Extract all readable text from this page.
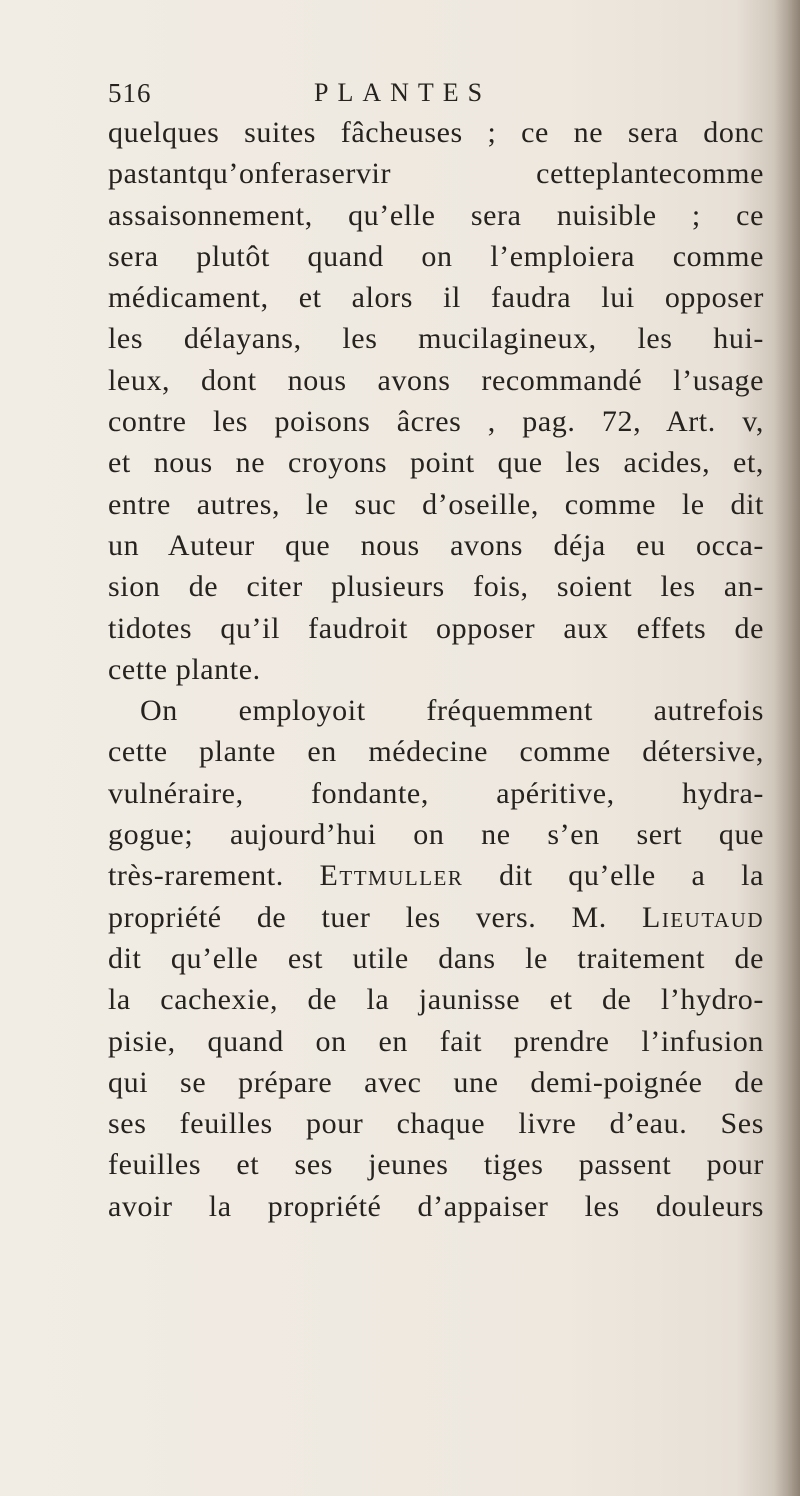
516	PLANTES
quelques suites fâcheuses ; ce ne sera donc
pastantqu’onferaservir cetteplantecomme
assaisonnement, qu’elle sera nuisible ; ce
sera plutôt quand on l’emploiera comme
médicament, et alors il faudra lui opposer
les délayans, les mucilagineux, les hui-
leux, dont nous avons recommandé l’usage
contre les poisons âcres , pag. 72, Art. v,
et nous ne croyons point que les acides, et,
entre autres, le suc d’oseille, comme le dit
un Auteur que nous avons déja eu occa-
sion de citer plusieurs fois, soient les an-
tidotes qu’il faudroit opposer aux effets de
cette plante.
On employoit fréquemment autrefois
cette plante en médecine comme détersive,
vulnéraire, fondante, apéritive, hydra-
gogue; aujourd’hui on ne s’en sert que
très-rarement. Ettmuller dit qu’elle a la
propriété de tuer les vers. M. Lieutaud
dit qu’elle est utile dans le traitement de
la cachexie, de la jaunisse et de l’hydro-
pisie, quand on en fait prendre l’infusion
qui se prépare avec une demi-poignée de
ses feuilles pour chaque livre d’eau. Ses
feuilles et ses jeunes tiges passent pour
avoir la propriété d’appaiser les douleurs
